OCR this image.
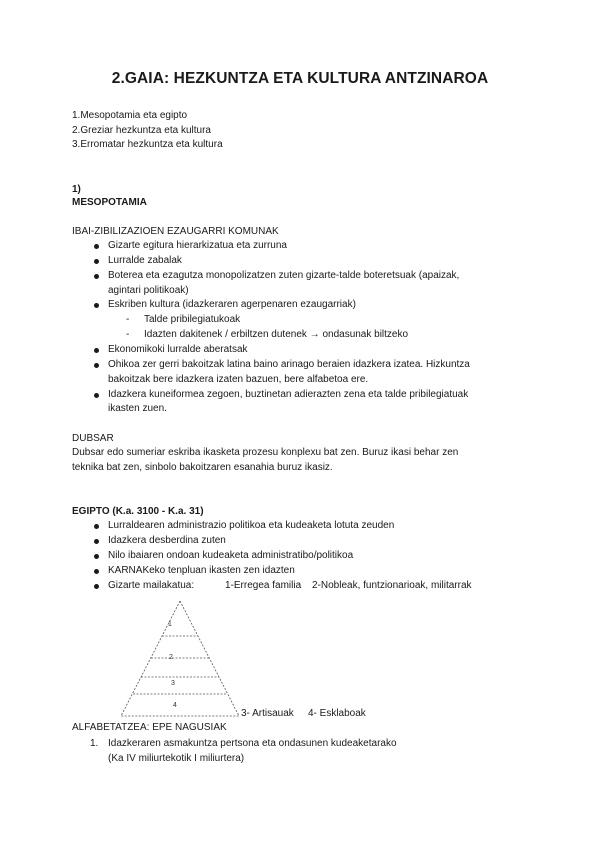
2.GAIA: HEZKUNTZA ETA KULTURA ANTZINAROA
1.Mesopotamia eta egipto
2.Greziar hezkuntza eta kultura
3.Erromatar hezkuntza eta kultura
1)
MESOPOTAMIA
IBAI-ZIBILIZAZIOEN EZAUGARRI KOMUNAK
Gizarte egitura hierarkizatua eta zurruna
Lurralde zabalak
Boterea eta ezagutza monopolizatzen zuten gizarte-talde boteretsuak (apaizak,
agintari politikoak)
Eskriben kultura (idazkeraren agerpenaren ezaugarriak)
- Talde pribilegiatukoak
- Idazten dakitenek / erbiltzen dutenek → ondasunak biltzeko
Ekonomikoki lurralde aberatsak
Ohikoa zer gerri bakoitzak latina baino arinago beraien idazkera izatea. Hizkuntza
bakoitzak bere idazkera izaten bazuen, bere alfabetoa ere.
Idazkera kuneiformea zegoen, buztinetan adierazten zena eta talde pribilegiatuak
ikasten zuen.
DUBSAR
Dubsar edo sumeriar eskriba ikasketa prozesu konplexu bat zen. Buruz ikasi behar zen
teknika bat zen, sinbolo bakoitzaren esanahia buruz ikasiz.
EGIPTO (K.a. 3100 - K.a. 31)
Lurraldearen administrazio politikoa eta kudeaketa lotuta zeuden
Idazkera desberdina zuten
Nilo ibaiaren ondoan kudeaketa administratibo/politikoa
KARNAKeko tenpluan ikasten zen idazten
Gizarte mailakatua:	1-Erregea familia 2-Nobleak, funtzionarioak, militarrak
1
2
3
4
3- Artisauak 4- Esklaboak
ALFABETATZEA: EPE NAGUSIAK
1. Idazkeraren asmakuntza pertsona eta ondasunen kudeaketarako
(Ka IV miliurtekotik I miliurtera)
